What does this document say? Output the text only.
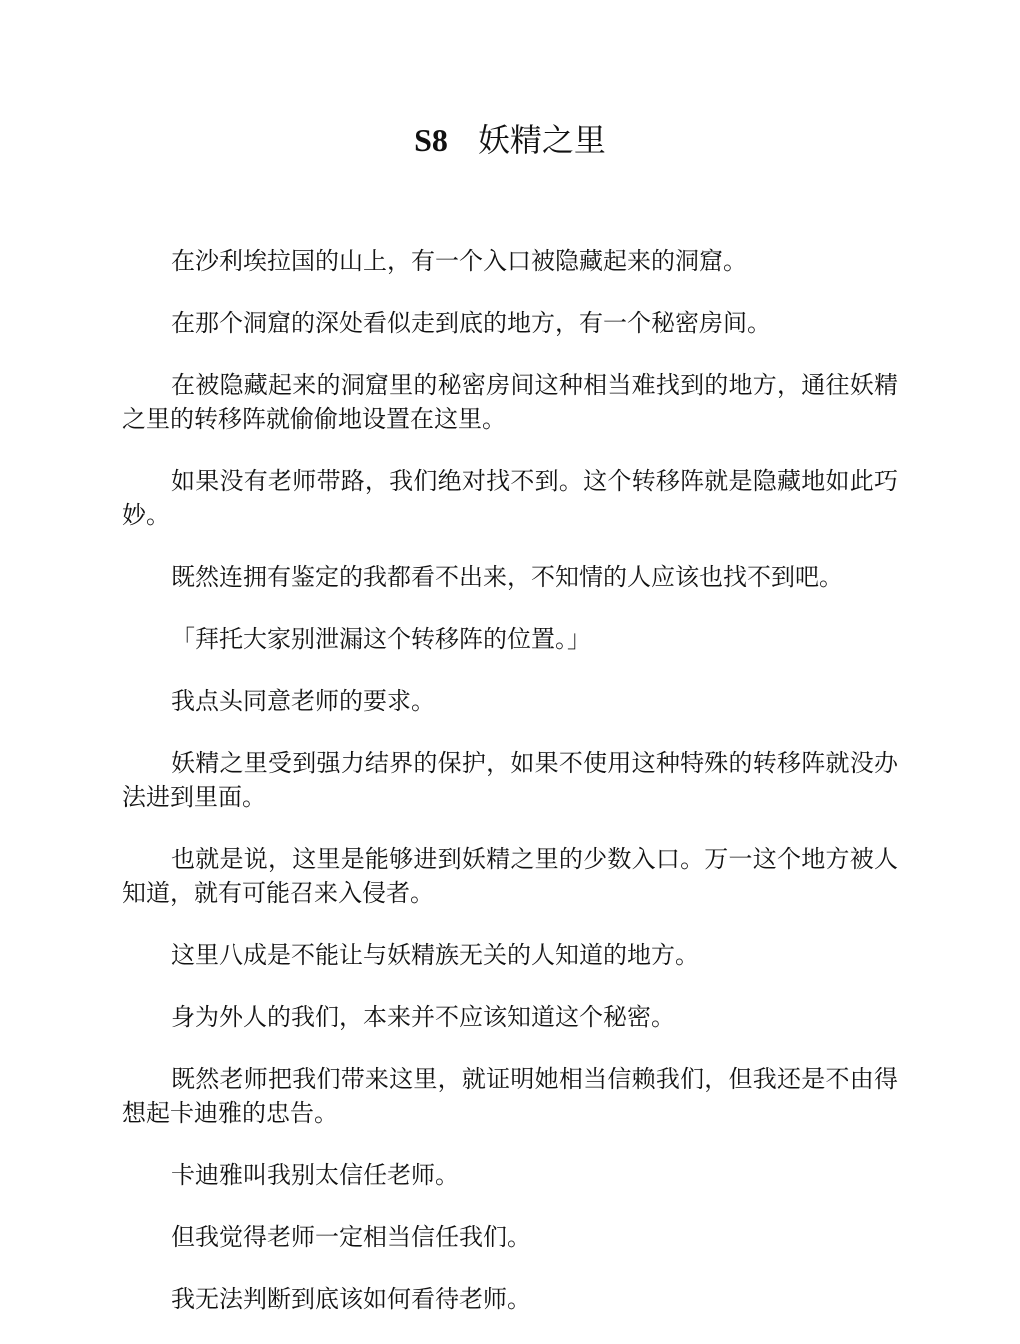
S8 妖精之里

在沙利埃拉国的山上，有一个入口被隐藏起来的洞窟。

在那个洞窟的深处看似走到底的地方，有一个秘密房间。

在被隐藏起来的洞窟里的秘密房间这种相当难找到的地方，通往妖精之里的转移阵就偷偷地设置在这里。

如果没有老师带路，我们绝对找不到。这个转移阵就是隐藏地如此巧妙。

既然连拥有鉴定的我都看不出来，不知情的人应该也找不到吧。

「拜托大家别泄漏这个转移阵的位置。」

我点头同意老师的要求。

妖精之里受到强力结界的保护，如果不使用这种特殊的转移阵就没办法进到里面。

也就是说，这里是能够进到妖精之里的少数入口。万一这个地方被人知道，就有可能召来入侵者。

这里八成是不能让与妖精族无关的人知道的地方。

身为外人的我们，本来并不应该知道这个秘密。

既然老师把我们带来这里，就证明她相当信赖我们，但我还是不由得想起卡迪雅的忠告。

卡迪雅叫我别太信任老师。

但我觉得老师一定相当信任我们。

我无法判断到底该如何看待老师。
